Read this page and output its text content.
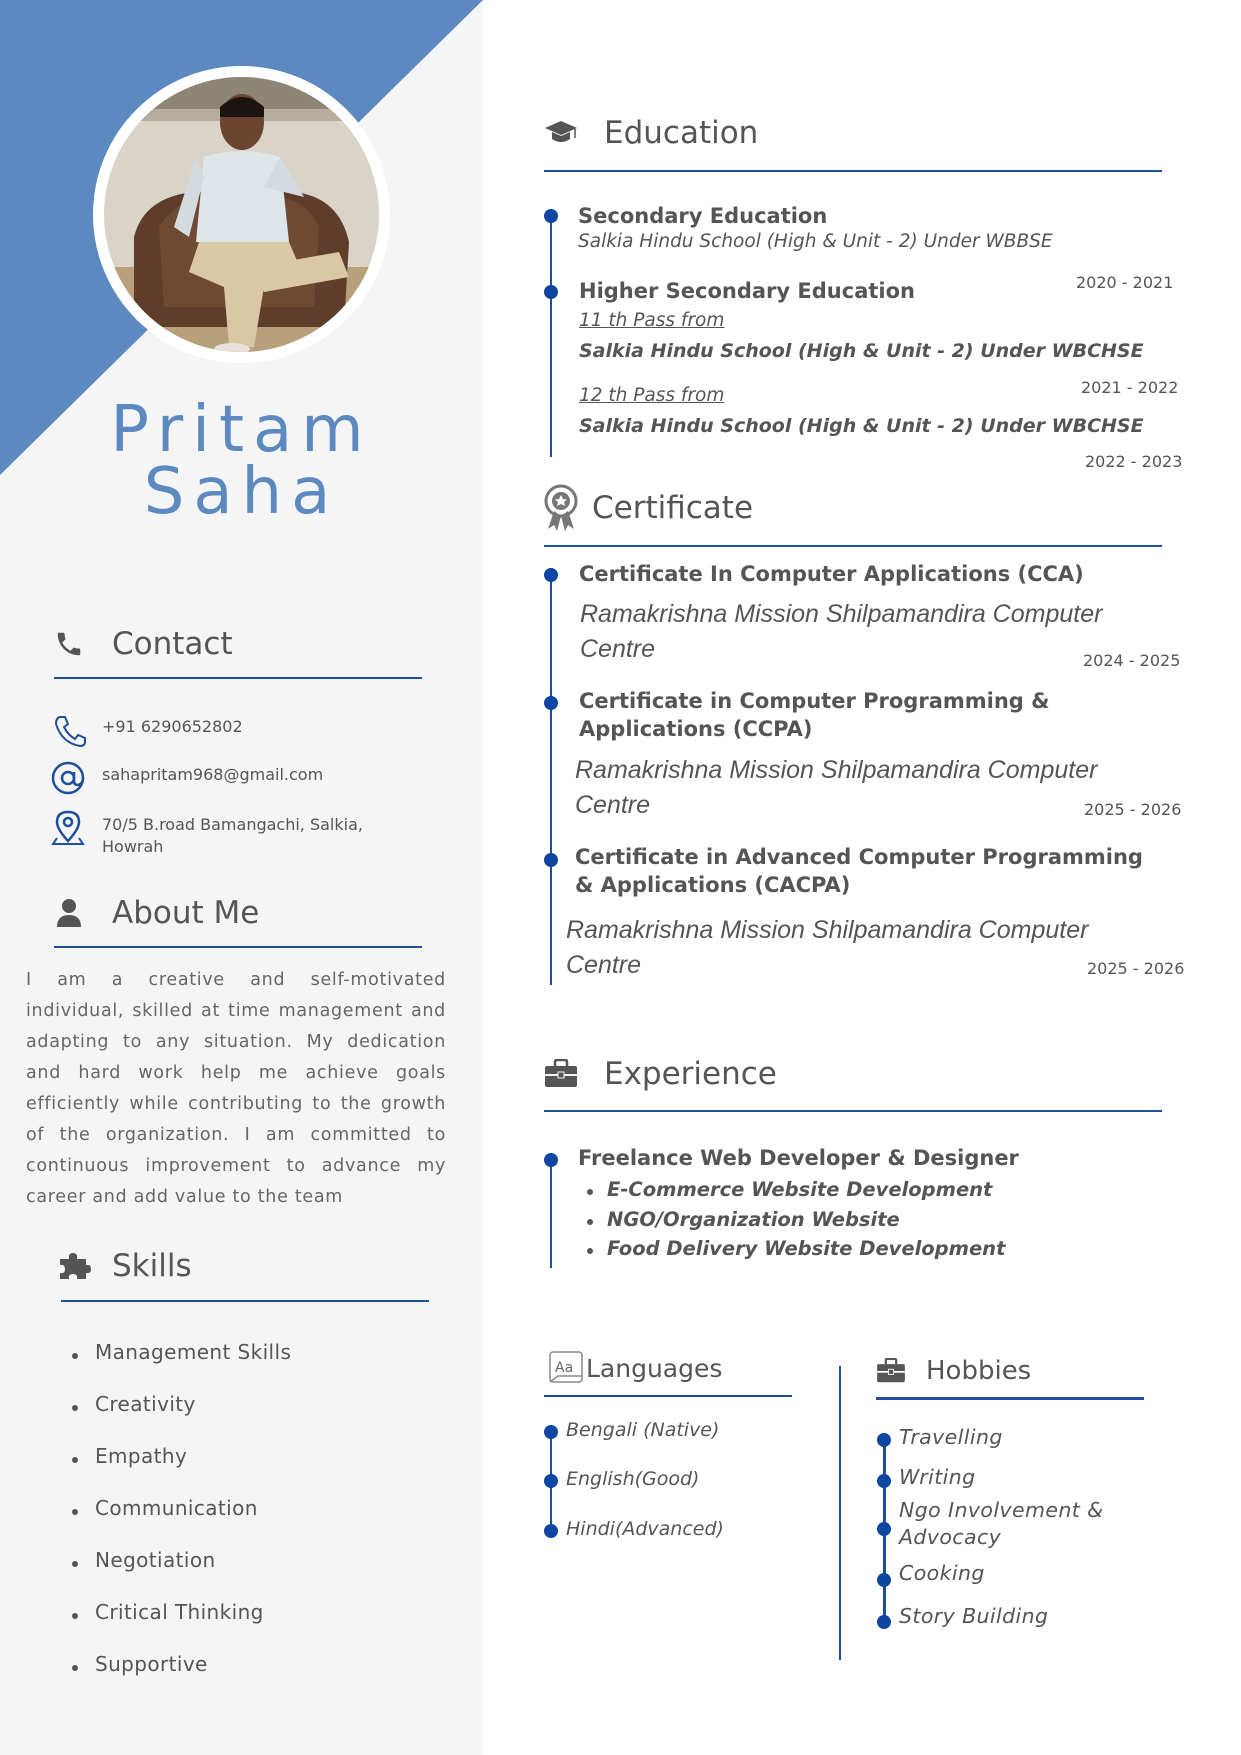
Pritam
Saha
Contact
+91 6290652802
sahapritam968@gmail.com
70/5 B.road Bamangachi, Salkia,
Howrah
About Me

I am a creative and self-motivated individual, skilled at time management and adapting to any situation. My dedication and hard work help me achieve goals efficiently while contributing to the growth of the organization. I am committed to continuous improvement to advance my career and add value to the team

Skills
Management Skills
Creativity
Empathy
Communication
Negotiation
Critical Thinking
Supportive
Education
Secondary Education
Salkia Hindu School (High & Unit - 2) Under WBBSE
2020 - 2021
Higher Secondary Education
11 th Pass from
Salkia Hindu School (High & Unit - 2) Under WBCHSE
2021 - 2022
12 th Pass from
Salkia Hindu School (High & Unit - 2) Under WBCHSE
2022 - 2023
Certificate
Certificate In Computer Applications (CCA)
Ramakrishna Mission Shilpamandira Computer
Centre	2024 - 2025
Certificate in Computer Programming &
Applications (CCPA)
Ramakrishna Mission Shilpamandira Computer
Centre	2025 - 2026
Certificate in Advanced Computer Programming
& Applications (CACPA)
Ramakrishna Mission Shilpamandira Computer
Centre	2025 - 2026
Experience
Freelance Web Developer & Designer
E-Commerce Website Development
NGO/Organization Website
Food Delivery Website Development
Aa Languages
Bengali (Native)
English(Good)
Hindi(Advanced)
Hobbies
Travelling
Writing
Ngo Involvement &
Advocacy
Cooking
Story Building
